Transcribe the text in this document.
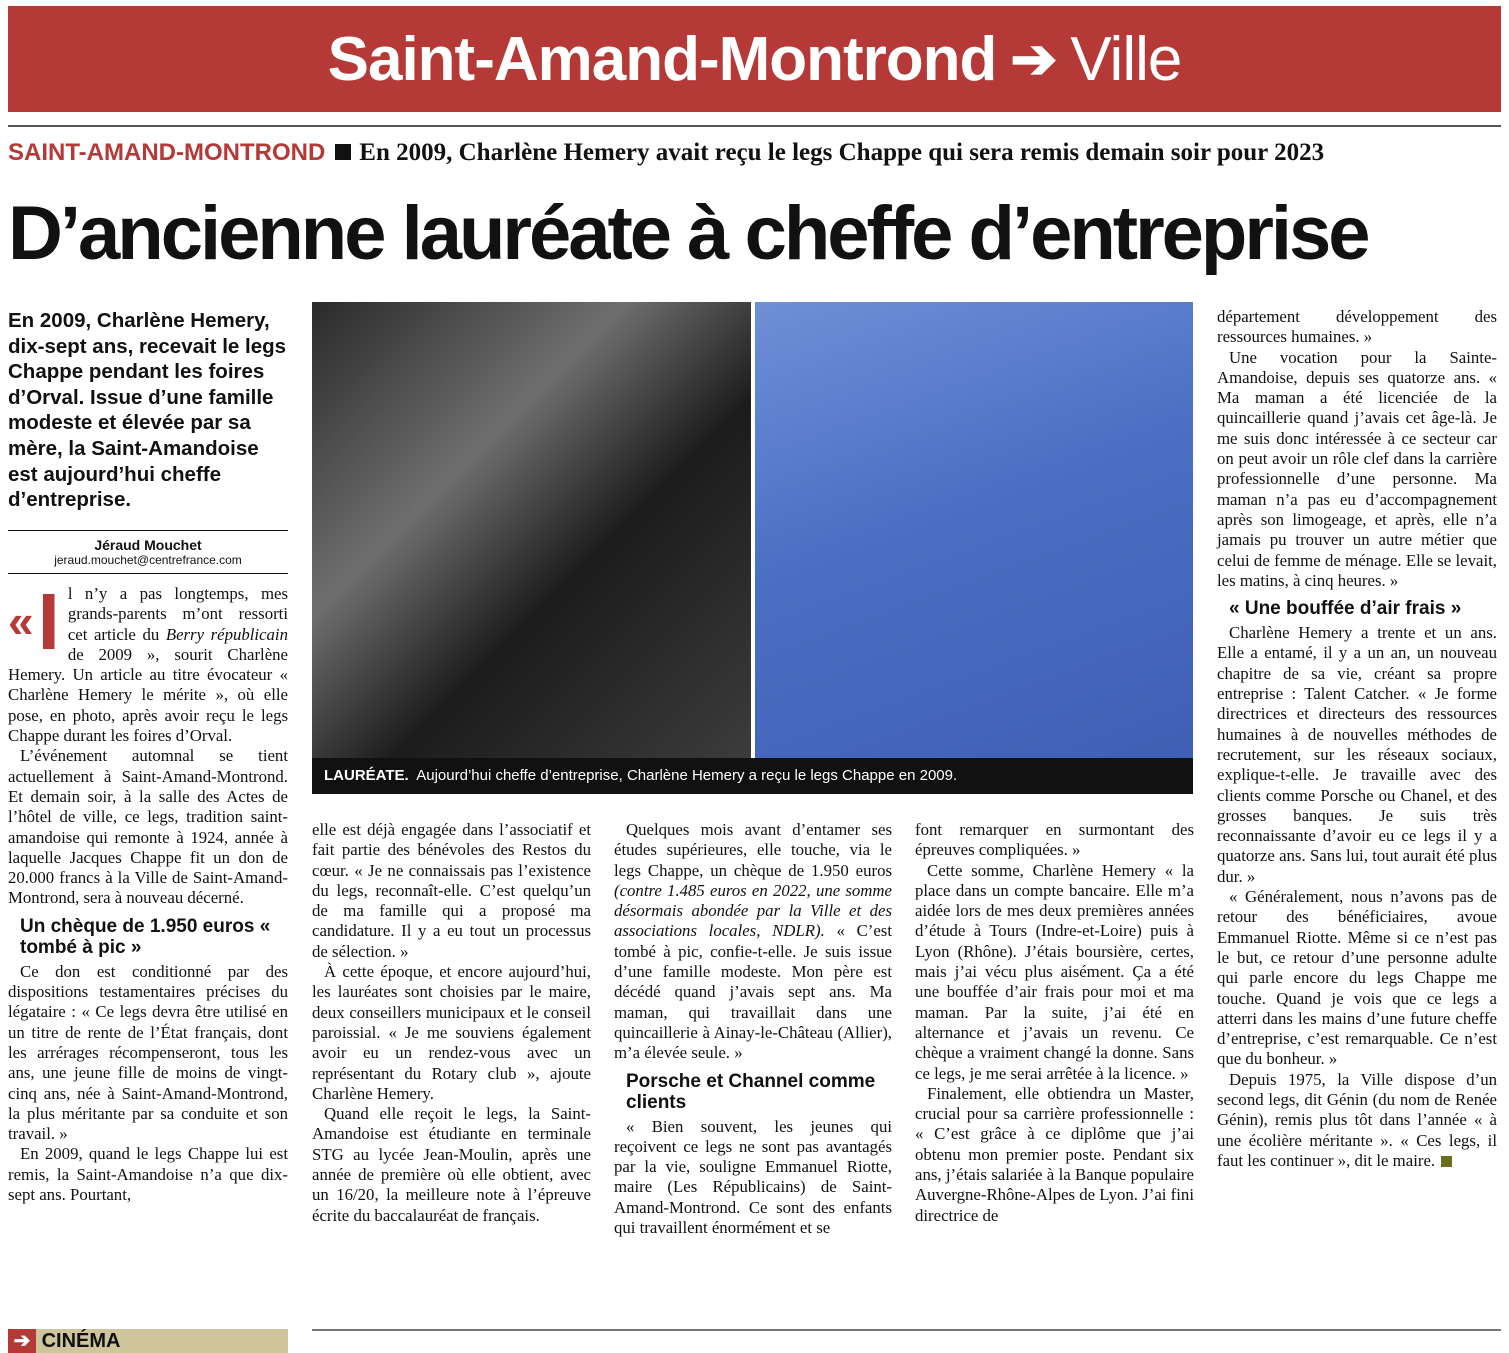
Saint-Amand-Montrond ➔ Ville
SAINT-AMAND-MONTROND En 2009, Charlène Hemery avait reçu le legs Chappe qui sera remis demain soir pour 2023
D’ancienne lauréate à cheffe d’entreprise
En 2009, Charlène Hemery, dix-sept ans, recevait le legs Chappe pendant les foires d’Orval. Issue d’une famille modeste et élevée par sa mère, la Saint-Amandoise est aujourd’hui cheffe d’entreprise.
Jéraud Mouchet
jeraud.mouchet@centrefrance.com

« I l n’y a pas longtemps, mes grands-parents m’ont ressorti cet article du Berry républicain de 2009 », sourit Charlène Hemery. Un article au titre évocateur « Charlène Hemery le mérite », où elle pose, en photo, après avoir reçu le legs Chappe durant les foires d’Orval.

L’événement automnal se tient actuellement à Saint-Amand-Montrond. Et demain soir, à la salle des Actes de l’hôtel de ville, ce legs, tradition saint-amandoise qui remonte à 1924, année à laquelle Jacques Chappe fit un don de 20.000 francs à la Ville de Saint-Amand-Montrond, sera à nouveau décerné.

Un chèque de 1.950 euros « tombé à pic »

Ce don est conditionné par des dispositions testamentaires précises du légataire : « Ce legs devra être utilisé en un titre de rente de l’État français, dont les arrérages récompenseront, tous les ans, une jeune fille de moins de vingt-cinq ans, née à Saint-Amand-Montrond, la plus méritante par sa conduite et son travail. »

En 2009, quand le legs Chappe lui est remis, la Saint-Amandoise n’a que dix-sept ans. Pourtant,

LAURÉATE. Aujourd’hui cheffe d’entreprise, Charlène Hemery a reçu le legs Chappe en 2009.

elle est déjà engagée dans l’associatif et fait partie des bénévoles des Restos du cœur. « Je ne connaissais pas l’existence du legs, reconnaît-elle. C’est quelqu’un de ma famille qui a proposé ma candidature. Il y a eu tout un processus de sélection. »

À cette époque, et encore aujourd’hui, les lauréates sont choisies par le maire, deux conseillers municipaux et le conseil paroissial. « Je me souviens également avoir eu un rendez-vous avec un représentant du Rotary club », ajoute Charlène Hemery.

Quand elle reçoit le legs, la Saint-Amandoise est étudiante en terminale STG au lycée Jean-Moulin, après une année de première où elle obtient, avec un 16/20, la meilleure note à l’épreuve écrite du baccalauréat de français.

Quelques mois avant d’entamer ses études supérieures, elle touche, via le legs Chappe, un chèque de 1.950 euros (contre 1.485 euros en 2022, une somme désormais abondée par la Ville et des associations locales, NDLR). « C’est tombé à pic, confie-t-elle. Je suis issue d’une famille modeste. Mon père est décédé quand j’avais sept ans. Ma maman, qui travaillait dans une quincaillerie à Ainay-le-Château (Allier), m’a élevée seule. »

Porsche et Channel comme clients

« Bien souvent, les jeunes qui reçoivent ce legs ne sont pas avantagés par la vie, souligne Emmanuel Riotte, maire (Les Républicains) de Saint-Amand-Montrond. Ce sont des enfants qui travaillent énormément et se

font remarquer en surmontant des épreuves compliquées. »

Cette somme, Charlène Hemery « la place dans un compte bancaire. Elle m’a aidée lors de mes deux premières années d’étude à Tours (Indre-et-Loire) puis à Lyon (Rhône). J’étais boursière, certes, mais j’ai vécu plus aisément. Ça a été une bouffée d’air frais pour moi et ma maman. Par la suite, j’ai été en alternance et j’avais un revenu. Ce chèque a vraiment changé la donne. Sans ce legs, je me serai arrêtée à la licence. »

Finalement, elle obtiendra un Master, crucial pour sa carrière professionnelle : « C’est grâce à ce diplôme que j’ai obtenu mon premier poste. Pendant six ans, j’étais salariée à la Banque populaire Auvergne-Rhône-Alpes de Lyon. J’ai fini directrice de

département développement des ressources humaines. »

Une vocation pour la Sainte-Amandoise, depuis ses quatorze ans. « Ma maman a été licenciée de la quincaillerie quand j’avais cet âge-là. Je me suis donc intéressée à ce secteur car on peut avoir un rôle clef dans la carrière professionnelle d’une personne. Ma maman n’a pas eu d’accompagnement après son limogeage, et après, elle n’a jamais pu trouver un autre métier que celui de femme de ménage. Elle se levait, les matins, à cinq heures. »

« Une bouffée d’air frais »

Charlène Hemery a trente et un ans. Elle a entamé, il y a un an, un nouveau chapitre de sa vie, créant sa propre entreprise : Talent Catcher. « Je forme directrices et directeurs des ressources humaines à de nouvelles méthodes de recrutement, sur les réseaux sociaux, explique-t-elle. Je travaille avec des clients comme Porsche ou Chanel, et des grosses banques. Je suis très reconnaissante d’avoir eu ce legs il y a quatorze ans. Sans lui, tout aurait été plus dur. »

« Généralement, nous n’avons pas de retour des bénéficiaires, avoue Emmanuel Riotte. Même si ce n’est pas le but, ce retour d’une personne adulte qui parle encore du legs Chappe me touche. Quand je vois que ce legs a atterri dans les mains d’une future cheffe d’entreprise, c’est remarquable. Ce n’est que du bonheur. »

Depuis 1975, la Ville dispose d’un second legs, dit Génin (du nom de Renée Génin), remis plus tôt dans l’année « à une écolière méritante ». « Ces legs, il faut les continuer », dit le maire.

➔ CINÉMA
